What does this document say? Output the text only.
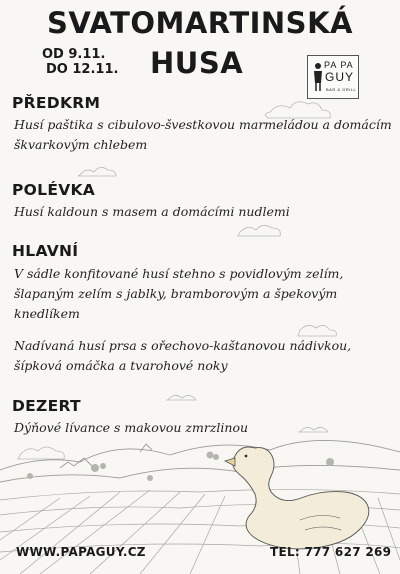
SVATOMARTINSKÁ
OD 9.11.
DO 12.11. HUSA	PA PA
GUY
BAR & GRILL
PŘEDKRM
Husí paštika s cibulovo-švestkovou marmeládou a domácím škvarkovým chlebem
POLÉVKA
Husí kaldoun s masem a domácími nudlemi
HLAVNÍ
V sádle konfitované husí stehno s povidlovým zelím, šlapaným zelím s jablky, bramborovým a špekovým knedlíkem
Nadívaná husí prsa s ořechovo-kaštanovou nádivkou, šípková omáčka a tvarohové noky
DEZERT
Dýňové lívance s makovou zmrzlinou
WWW.PAPAGUY.CZ	TEL: 777 627 269
